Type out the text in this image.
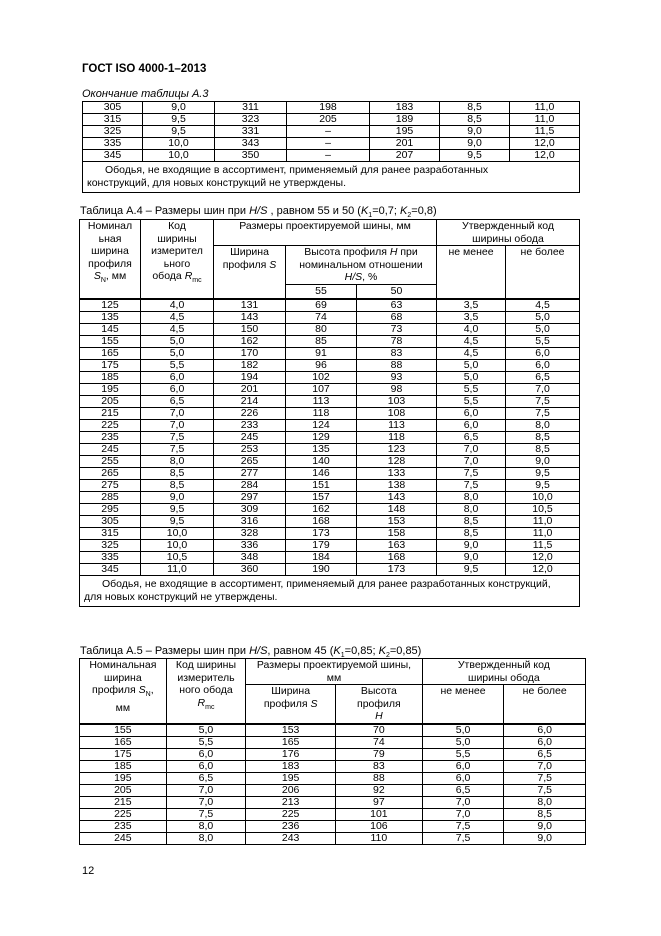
ГОСТ ISO 4000-1–2013
Окончание таблицы А.3
305	9,0	311	198	183	8,5	11,0
315	9,5	323	205	189	8,5	11,0
325	9,5	331	–	195	9,0	11,5
335	10,0	343	–	201	9,0	12,0
345	10,0	350	–	207	9,5	12,0

Ободья, не входящие в ассортимент, применяемый для ранее разработанных
конструкций, для новых конструкций не утверждены.						
Таблица А.4 – Размеры шин при H/S , равном 55 и 50 ($K_1=0,7$; $K_2=0,8$)
Номинал
ьная
ширина
профиля
$S_N$, мм	Код
ширины
измерител
ьного
обода $R_{mc}$	Размеры проектируемой шины, мм			Утвержденный код
ширины обода	
		Ширина
профиля S	Высота профиля H при
номинальном отношении
H/S, %		не менее	не более
			55	50		

125	4,0	131	69	63	3,5	4,5
135	4,5	143	74	68	3,5	5,0
145	4,5	150	80	73	4,0	5,0
155	5,0	162	85	78	4,5	5,5
165	5,0	170	91	83	4,5	6,0
175	5,5	182	96	88	5,0	6,0
185	6,0	194	102	93	5,0	6,5
195	6,0	201	107	98	5,5	7,0
205	6,5	214	113	103	5,5	7,5
215	7,0	226	118	108	6,0	7,5
225	7,0	233	124	113	6,0	8,0
235	7,5	245	129	118	6,5	8,5
245	7,5	253	135	123	7,0	8,5
255	8,0	265	140	128	7,0	9,0
265	8,5	277	146	133	7,5	9,5
275	8,5	284	151	138	7,5	9,5
285	9,0	297	157	143	8,0	10,0
295	9,5	309	162	148	8,0	10,5
305	9,5	316	168	153	8,5	11,0
315	10,0	328	173	158	8,5	11,0
325	10,0	336	179	163	9,0	11,5
335	10,5	348	184	168	9,0	12,0
345	11,0	360	190	173	9,5	12,0

Ободья, не входящие в ассортимент, применяемый для ранее разработанных конструкций,
для новых конструкций не утверждены.						
Таблица А.5 – Размеры шин при H/S, равном 45 ($K_1=0,85$; $K_2=0,85$)
Номинальная
ширина
профиля $S_N$,
мм	Код ширины
измеритель
ного обода
$R_{mc}$	Размеры проектируемой шины, мм		Утвержденный код
ширины обода	
		Ширина
профиля S	Высота профиля
H	не менее	не более

155	5,0	153	70	5,0	6,0
165	5,5	165	74	5,0	6,0
175	6,0	176	79	5,5	6,5
185	6,0	183	83	6,0	7,0
195	6,5	195	88	6,0	7,5
205	7,0	206	92	6,5	7,5
215	7,0	213	97	7,0	8,0
225	7,5	225	101	7,0	8,5
235	8,0	236	106	7,5	9,0
245	8,0	243	110	7,5	9,0
12
